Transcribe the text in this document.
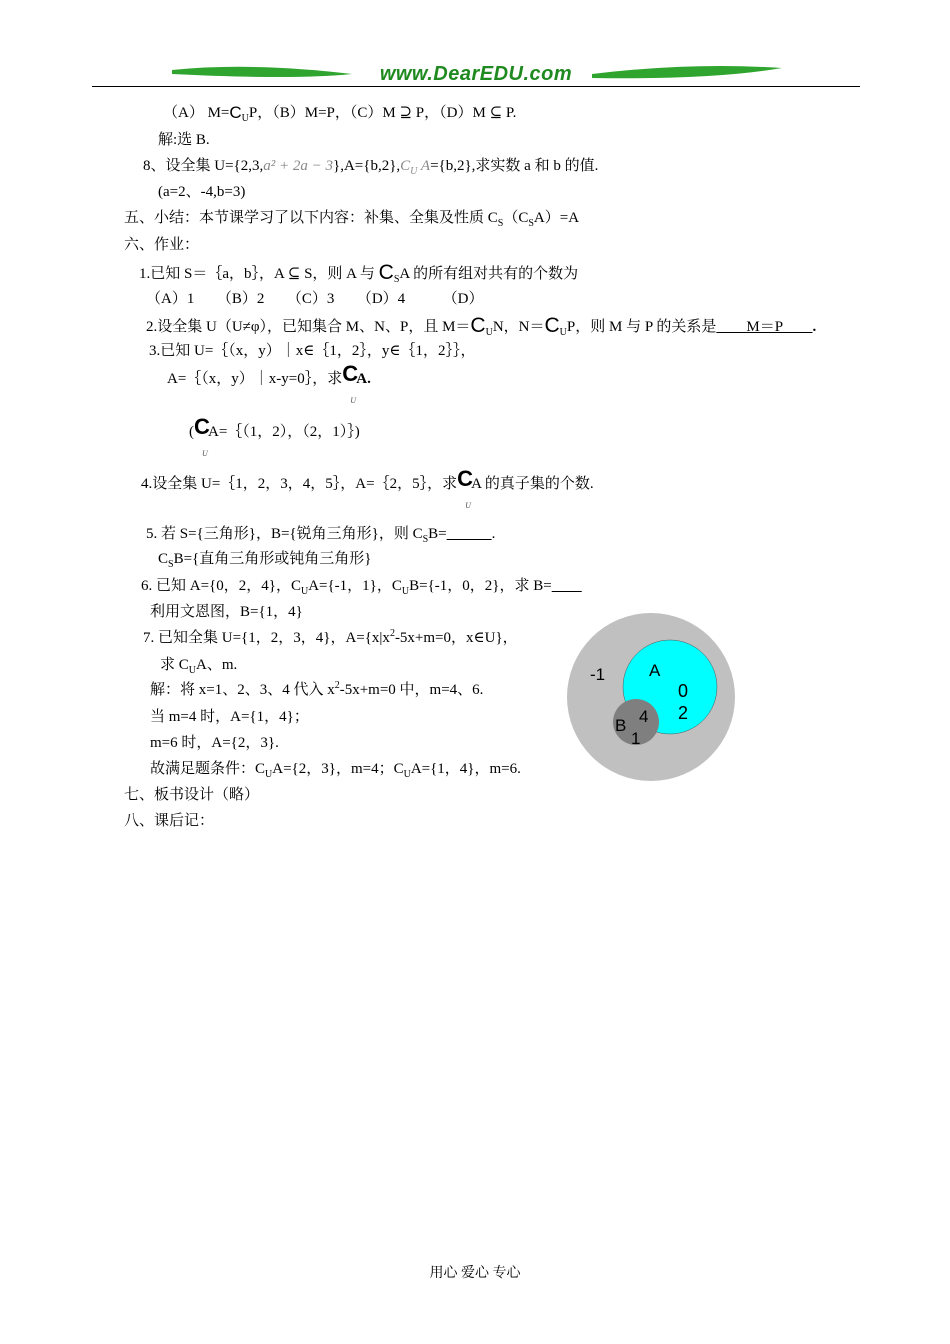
www.DearEDU.com
（A） $M=C_UP$，（B）M=P，（C）M ⊇ P，（D）M ⊆ P.
解:选 B.
8、设全集 $U=\{2,3,a^2 + 2a - 3\},A=\{b,2\},C_U$ A={b,2},求实数 a 和 b 的值.
(a=2、-4,b=3)
五、小结：本节课学习了以下内容：补集、全集及性质 $C_S(C_SA)=A$
六、作业：
1.已知 S＝｛a，b｝，A ⊆ S，则 A 与 $C_SA$ 的所有组对共有的个数为
（A）1　　（B）2　　（C）3　　（D）4　　　（D）
2.设全集 U（U≠φ），已知集合 M、N、P，且 $M=C_UN$，$N=C_UP$，则 M 与 P 的关系是　　M＝P　　.
3.已知 U=｛（x，y）｜x∈｛1，2｝，y∈｛1，2｝｝，
A=｛（x，y）｜x-y=0｝，求 C
U
A.
( C
U
A=｛（1，2），（2，1）｝)
4.设全集 U=｛1，2，3，4，5｝，A=｛2，5｝，求 C
U
A 的真子集的个数.
5. 若 S={三角形}，B={锐角三角形}，则 $C_SB=$　　　	.
$C_SB=${直角三角形或钝角三角形}
6. 已知 A={0，2，4}，$C_UA=\{-1$，1}，$C_UB=\{-1$，0，2}，求 B=　　
利用文恩图，B={1，4}
7. 已知全集 U={1，2，3，4}，$A=\{x|x^2-5x+m=0$，x∈U}，
求 $C_UA$、m.
解：将 x=1、2、3、4 代入 $x^2-5x+m=0$ 中，m=4、6.
当 m=4 时，A={1，4}；
m=6 时，A={2，3}.
故满足题条件：$C_UA=\{2$，3}，m=4；$C_UA=\{1$，4}，m=6.
七、板书设计（略）
八、课后记：
-1	A
0
2
B 4
1
用心 爱心 专心
